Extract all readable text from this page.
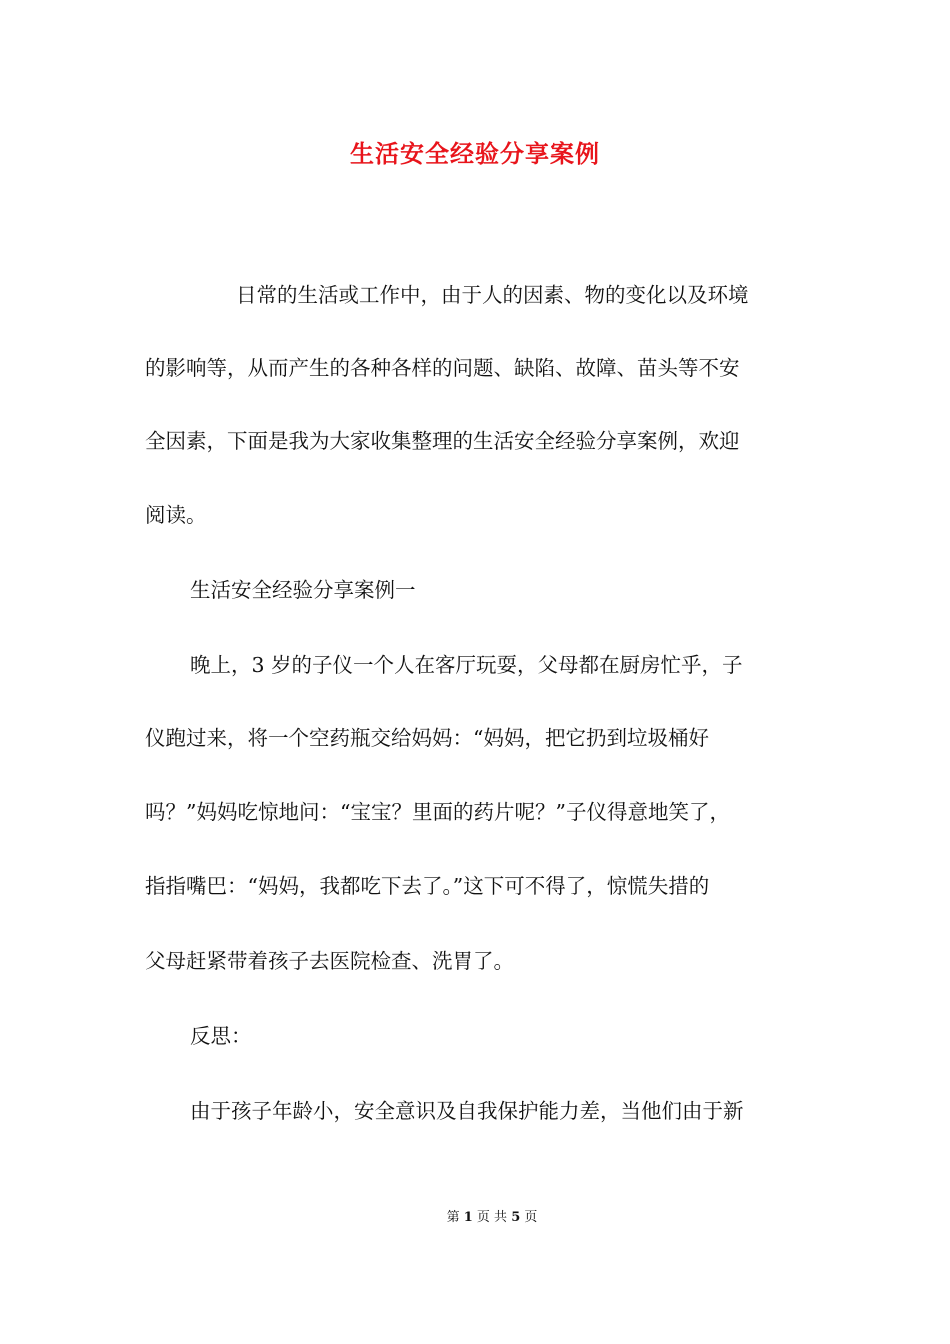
生活安全经验分享案例
日常的生活或工作中，由于人的因素、物的变化以及环境
的影响等，从而产生的各种各样的问题、缺陷、故障、苗头等不安
全因素，下面是我为大家收集整理的生活安全经验分享案例，欢迎
阅读。
生活安全经验分享案例一
晚上，3 岁的子仪一个人在客厅玩耍，父母都在厨房忙乎，子
仪跑过来，将一个空药瓶交给妈妈：“妈妈，把它扔到垃圾桶好
吗？”妈妈吃惊地问：“宝宝？里面的药片呢？”子仪得意地笑了，
指指嘴巴：“妈妈，我都吃下去了。”这下可不得了，惊慌失措的
父母赶紧带着孩子去医院检查、洗胃了。
反思：
由于孩子年龄小，安全意识及自我保护能力差，当他们由于新
第 1 页 共 5 页
